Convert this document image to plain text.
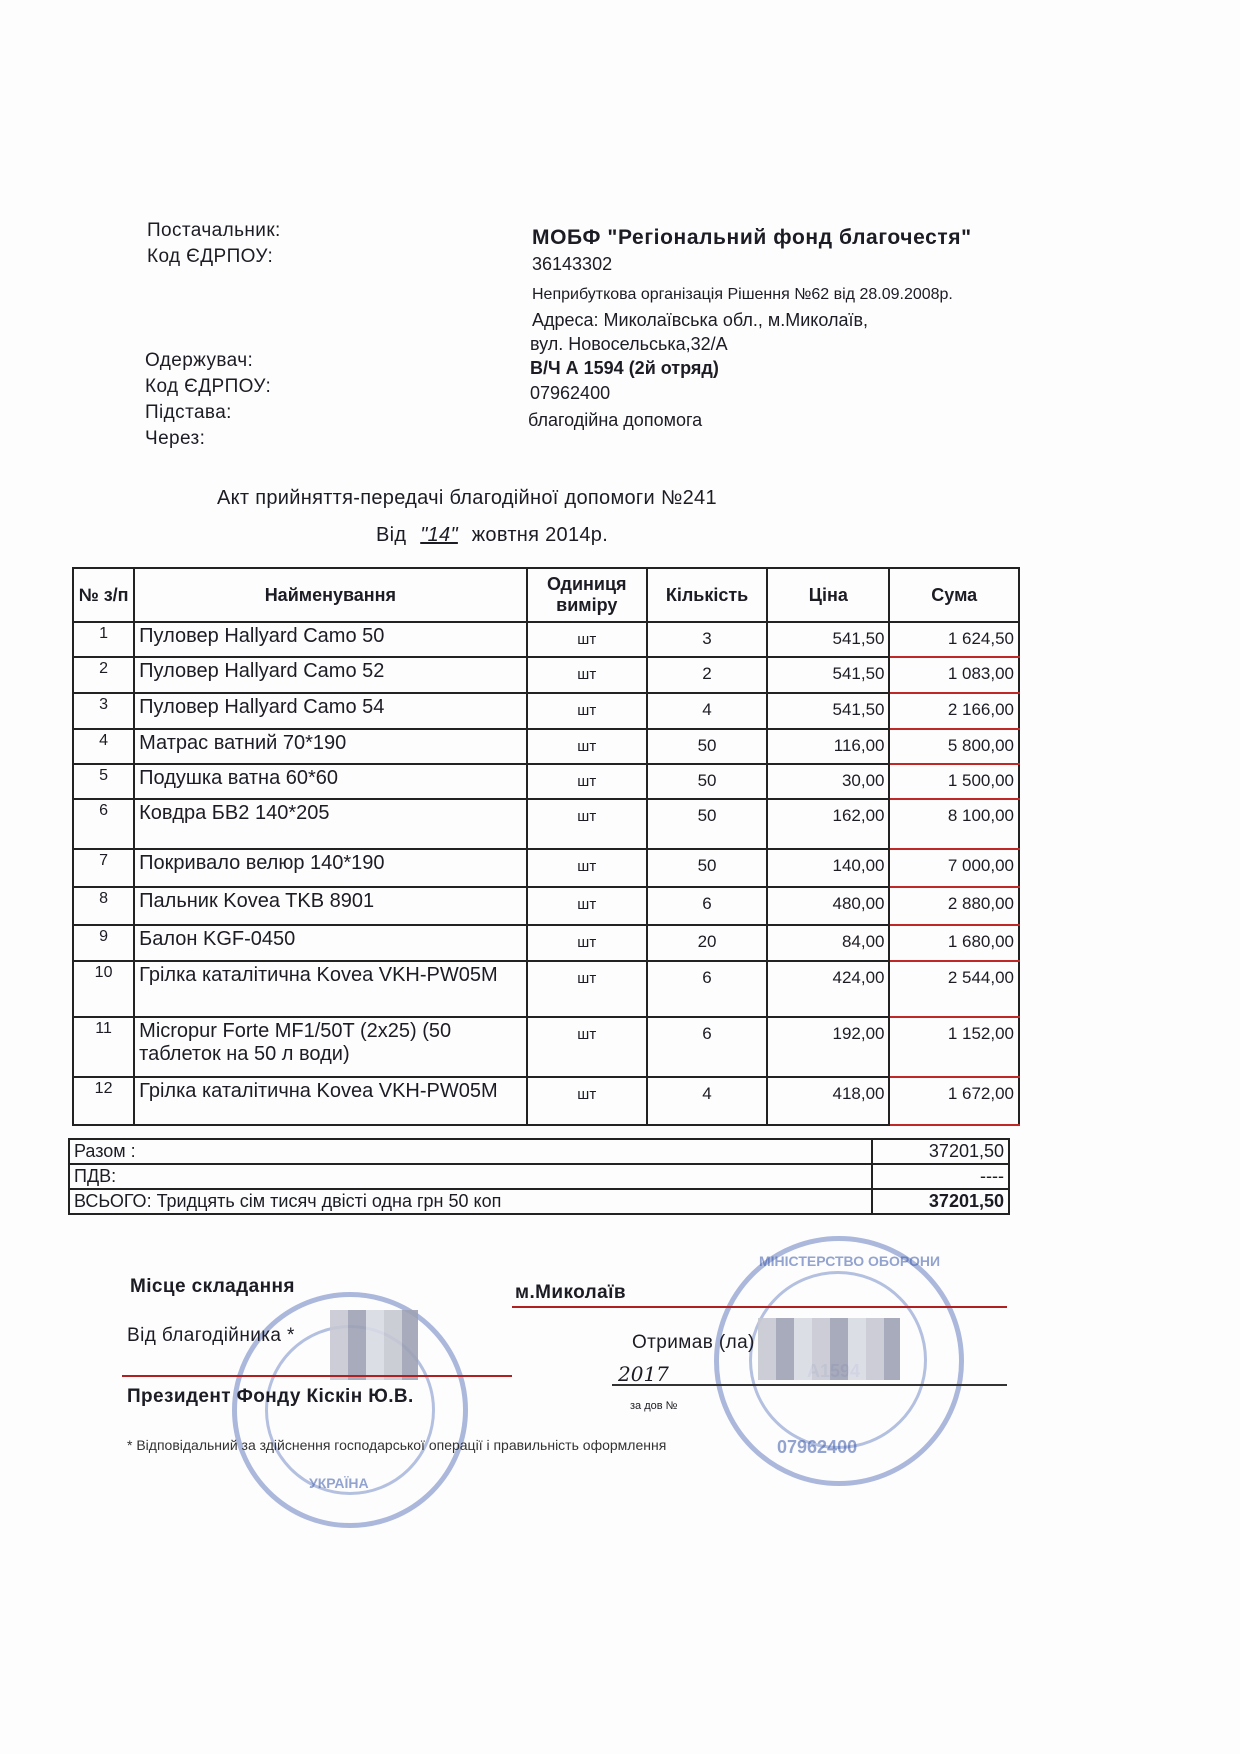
Постачальник:
Код ЄДРПОУ:
Одержувач:
Код ЄДРПОУ:
Підстава:
Через:
МОБФ "Регіональний фонд благочестя"
36143302
Неприбуткова організація Рішення №62 від 28.09.2008р.
Адреса: Миколаївська обл., м.Миколаїв,
вул. Новосельська,32/А
В/Ч А 1594 (2й отряд)
07962400
благодійна допомога
Акт прийняття-передачі благодійної допомоги №241
Від "14" жовтня 2014р.
№ з/п	Найменування	Одиниця виміру	Кількість	Ціна	Сума
1	Пуловер Hallyard Camo 50	шт	3	541,50	1 624,50
2	Пуловер Hallyard Camo 52	шт	2	541,50	1 083,00
3	Пуловер Hallyard Camo 54	шт	4	541,50	2 166,00
4	Матрас ватний 70*190	шт	50	116,00	5 800,00
5	Подушка ватна 60*60	шт	50	30,00	1 500,00
6	Ковдра БВ2 140*205	шт	50	162,00	8 100,00
7	Покривало велюр 140*190	шт	50	140,00	7 000,00
8	Пальник Kovea TKB 8901	шт	6	480,00	2 880,00
9	Балон KGF-0450	шт	20	84,00	1 680,00
10	Грілка каталітична Kovea VKH-PW05M	шт	6	424,00	2 544,00
11	Micropur Forte MF1/50T (2x25) (50 таблеток на 50 л води)	шт	6	192,00	1 152,00
12	Грілка каталітична Kovea VKH-PW05M	шт	4	418,00	1 672,00
Разом :	37201,50
ПДВ:	----
ВСЬОГО: Тридцять сім тисяч двісті одна грн 50 коп	37201,50
УКРАЇНА
МІНІСТЕРСТВО ОБОРОНИ
07962400
Місце складання	м.Миколаїв
Від благодійника *	Отримав (ла)
2017
Президент Фонду Кіскін Ю.В.	за дов №
* Відповідальний за здійснення господарської операції і правильність оформлення
